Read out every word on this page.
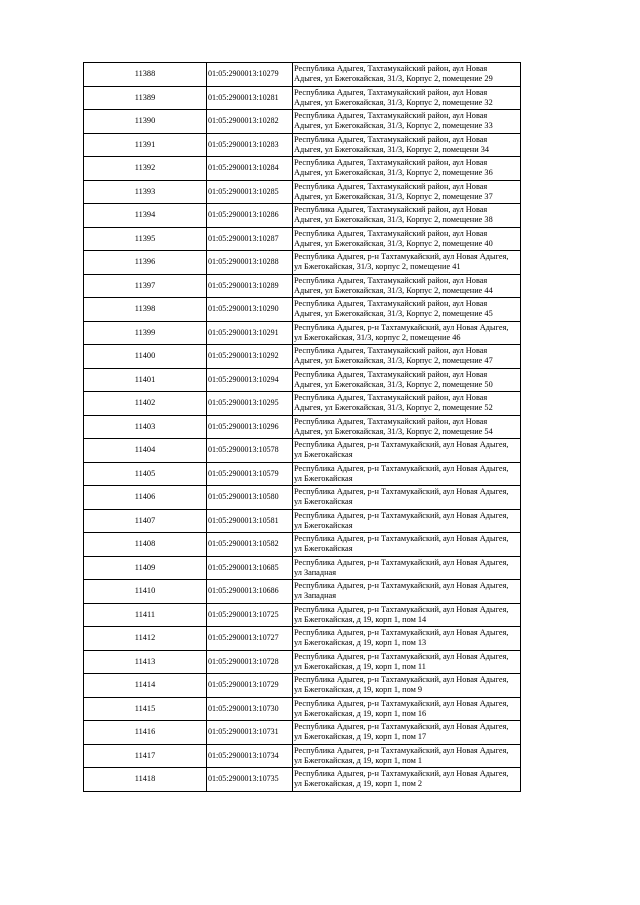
11388	01:05:2900013:10279	Республика Адыгея, Тахтамукайский район, аул Новая
Адыгея, ул Бжегокайская, 31/3, Корпус 2, помещение 29

11389	01:05:2900013:10281	Республика Адыгея, Тахтамукайский район, аул Новая
Адыгея, ул Бжегокайская, 31/3, Корпус 2, помещение 32

11390	01:05:2900013:10282	Республика Адыгея, Тахтамукайский район, аул Новая
Адыгея, ул Бжегокайская, 31/3, Корпус 2, помещение 33

11391	01:05:2900013:10283	Республика Адыгея, Тахтамукайский район, аул Новая
Адыгея, ул Бжегокайская, 31/3, Корпус 2, помещени 34

11392	01:05:2900013:10284	Республика Адыгея, Тахтамукайский район, аул Новая
Адыгея, ул Бжегокайская, 31/3, Корпус 2, помещение 36

11393	01:05:2900013:10285	Республика Адыгея, Тахтамукайский район, аул Новая
Адыгея, ул Бжегокайская, 31/3, Корпус 2, помещение 37

11394	01:05:2900013:10286	Республика Адыгея, Тахтамукайский район, аул Новая
Адыгея, ул Бжегокайская, 31/3, Корпус 2, помещение 38

11395	01:05:2900013:10287	Республика Адыгея, Тахтамукайский район, аул Новая
Адыгея, ул Бжегокайская, 31/3, Корпус 2, помещение 40

11396	01:05:2900013:10288	Республика Адыгея, р-н Тахтамукайский, аул Новая Адыгея,
ул Бжегокайская, 31/3, корпус 2, помещение 41

11397	01:05:2900013:10289	Республика Адыгея, Тахтамукайский район, аул Новая
Адыгея, ул Бжегокайская, 31/3, Корпус 2, помещение 44

11398	01:05:2900013:10290	Республика Адыгея, Тахтамукайский район, аул Новая
Адыгея, ул Бжегокайская, 31/3, Корпус 2, помещение 45

11399	01:05:2900013:10291	Республика Адыгея, р-н Тахтамукайский, аул Новая Адыгея,
ул Бжегокайская, 31/3, корпус 2, помещение 46

11400	01:05:2900013:10292	Республика Адыгея, Тахтамукайский район, аул Новая
Адыгея, ул Бжегокайская, 31/3, Корпус 2, помещение 47

11401	01:05:2900013:10294	Республика Адыгея, Тахтамукайский район, аул Новая
Адыгея, ул Бжегокайская, 31/3, Корпус 2, помещение 50

11402	01:05:2900013:10295	Республика Адыгея, Тахтамукайский район, аул Новая
Адыгея, ул Бжегокайская, 31/3, Корпус 2, помещение 52

11403	01:05:2900013:10296	Республика Адыгея, Тахтамукайский район, аул Новая
Адыгея, ул Бжегокайская, 31/3, Корпус 2, помещение 54

11404	01:05:2900013:10578	Республика Адыгея, р-н Тахтамукайский, аул Новая Адыгея,
ул Бжегокайская

11405	01:05:2900013:10579	Республика Адыгея, р-н Тахтамукайский, аул Новая Адыгея,
ул Бжегокайская

11406	01:05:2900013:10580	Республика Адыгея, р-н Тахтамукайский, аул Новая Адыгея,
ул Бжегокайская

11407	01:05:2900013:10581	Республика Адыгея, р-н Тахтамукайский, аул Новая Адыгея,
ул Бжегокайская

11408	01:05:2900013:10582	Республика Адыгея, р-н Тахтамукайский, аул Новая Адыгея,
ул Бжегокайская

11409	01:05:2900013:10685	Республика Адыгея, р-н Тахтамукайский, аул Новая Адыгея,
ул Западная

11410	01:05:2900013:10686	Республика Адыгея, р-н Тахтамукайский, аул Новая Адыгея,
ул Западная

11411	01:05:2900013:10725	Республика Адыгея, р-н Тахтамукайский, аул Новая Адыгея,
ул Бжегокайская, д 19, корп 1, пом 14

11412	01:05:2900013:10727	Республика Адыгея, р-н Тахтамукайский, аул Новая Адыгея,
ул Бжегокайская, д 19, корп 1, пом 13

11413	01:05:2900013:10728	Республика Адыгея, р-н Тахтамукайский, аул Новая Адыгея,
ул Бжегокайская, д 19, корп 1, пом 11

11414	01:05:2900013:10729	Республика Адыгея, р-н Тахтамукайский, аул Новая Адыгея,
ул Бжегокайская, д 19, корп 1, пом 9

11415	01:05:2900013:10730	Республика Адыгея, р-н Тахтамукайский, аул Новая Адыгея,
ул Бжегокайская, д 19, корп 1, пом 16

11416	01:05:2900013:10731	Республика Адыгея, р-н Тахтамукайский, аул Новая Адыгея,
ул Бжегокайская, д 19, корп 1, пом 17

11417	01:05:2900013:10734	Республика Адыгея, р-н Тахтамукайский, аул Новая Адыгея,
ул Бжегокайская, д 19, корп 1, пом 1

11418	01:05:2900013:10735	Республика Адыгея, р-н Тахтамукайский, аул Новая Адыгея,
ул Бжегокайская, д 19, корп 1, пом 2
